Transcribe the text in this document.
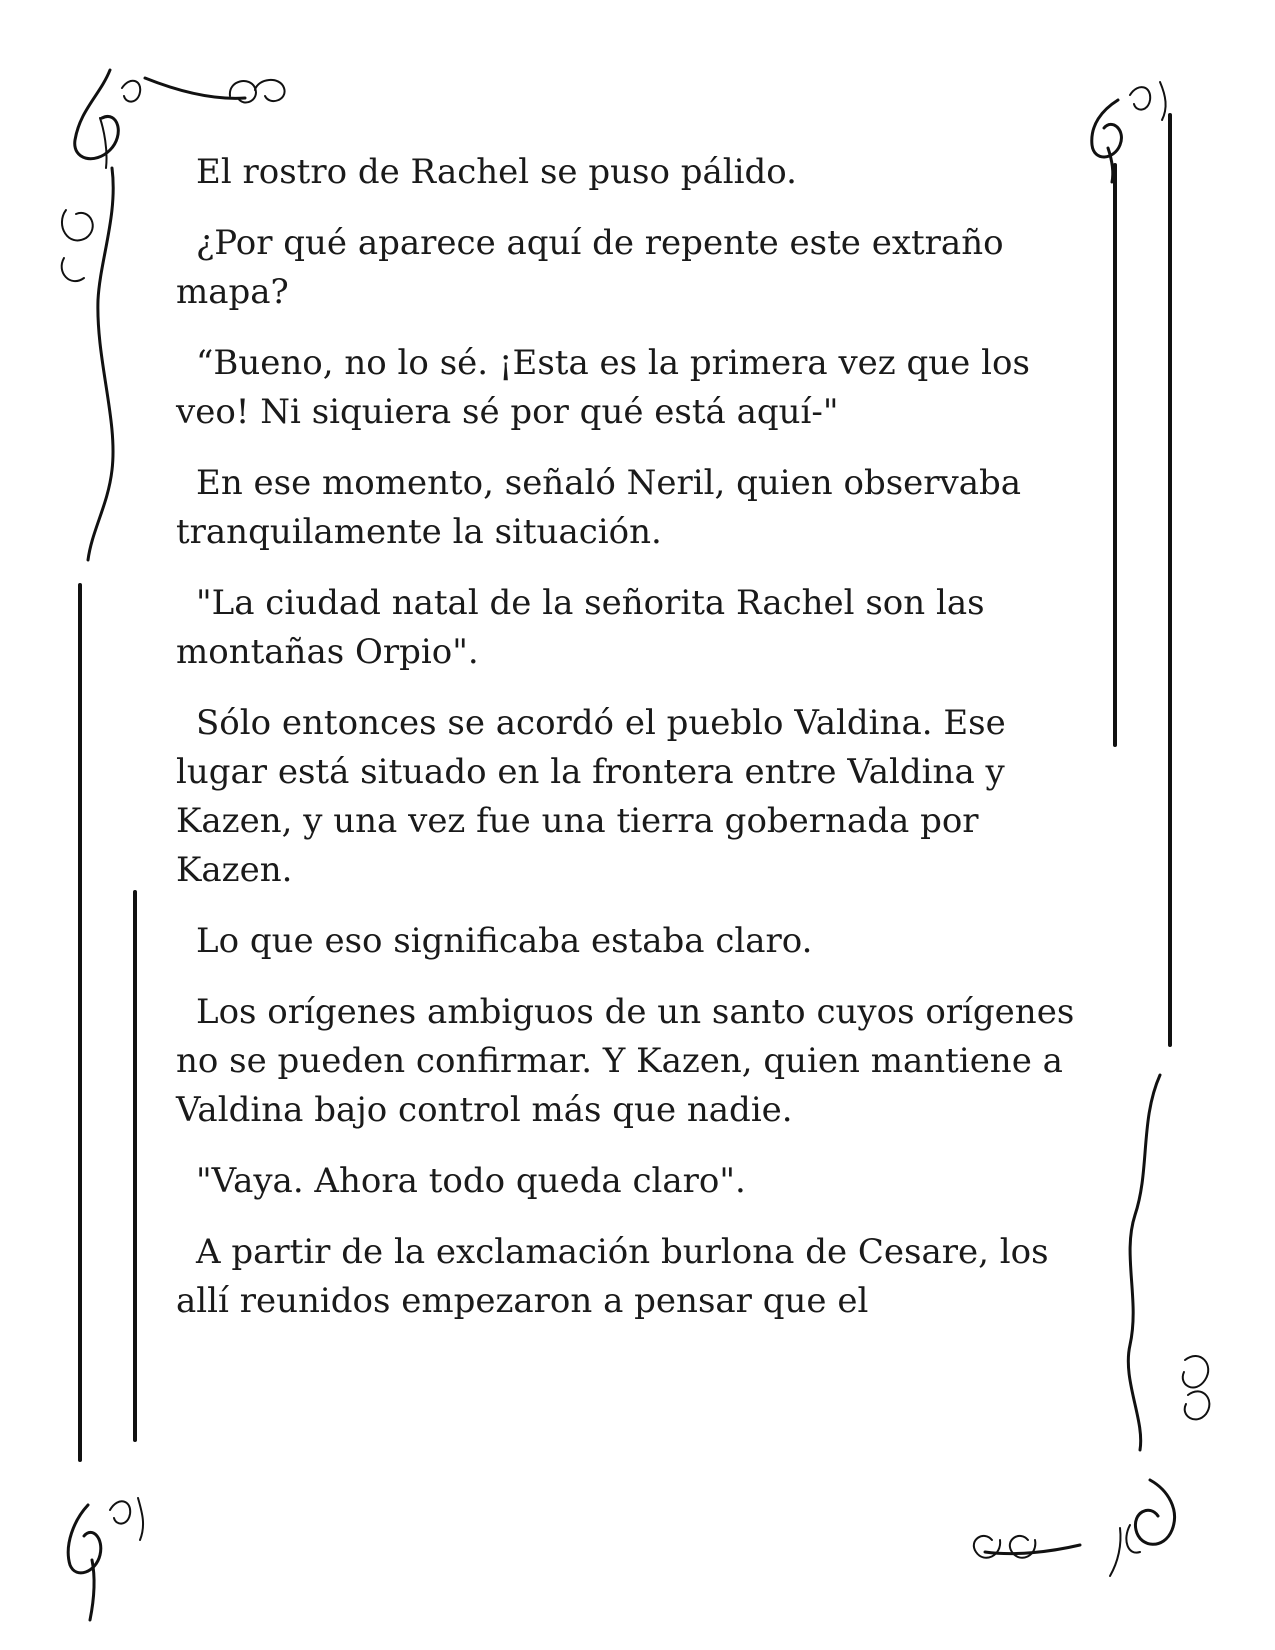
El rostro de Rachel se puso pálido.

¿Por qué aparece aquí de repente este extraño mapa?

“Bueno, no lo sé. ¡Esta es la primera vez que los veo! Ni siquiera sé por qué está aquí-"

En ese momento, señaló Neril, quien observaba tranquilamente la situación.

"La ciudad natal de la señorita Rachel son las montañas Orpio".

Sólo entonces se acordó el pueblo Valdina. Ese lugar está situado en la frontera entre Valdina y Kazen, y una vez fue una tierra gobernada por Kazen.

Lo que eso significaba estaba claro.

Los orígenes ambiguos de un santo cuyos orígenes no se pueden confirmar. Y Kazen, quien mantiene a Valdina bajo control más que nadie.

"Vaya. Ahora todo queda claro".

A partir de la exclamación burlona de Cesare, los allí reunidos empezaron a pensar que el
